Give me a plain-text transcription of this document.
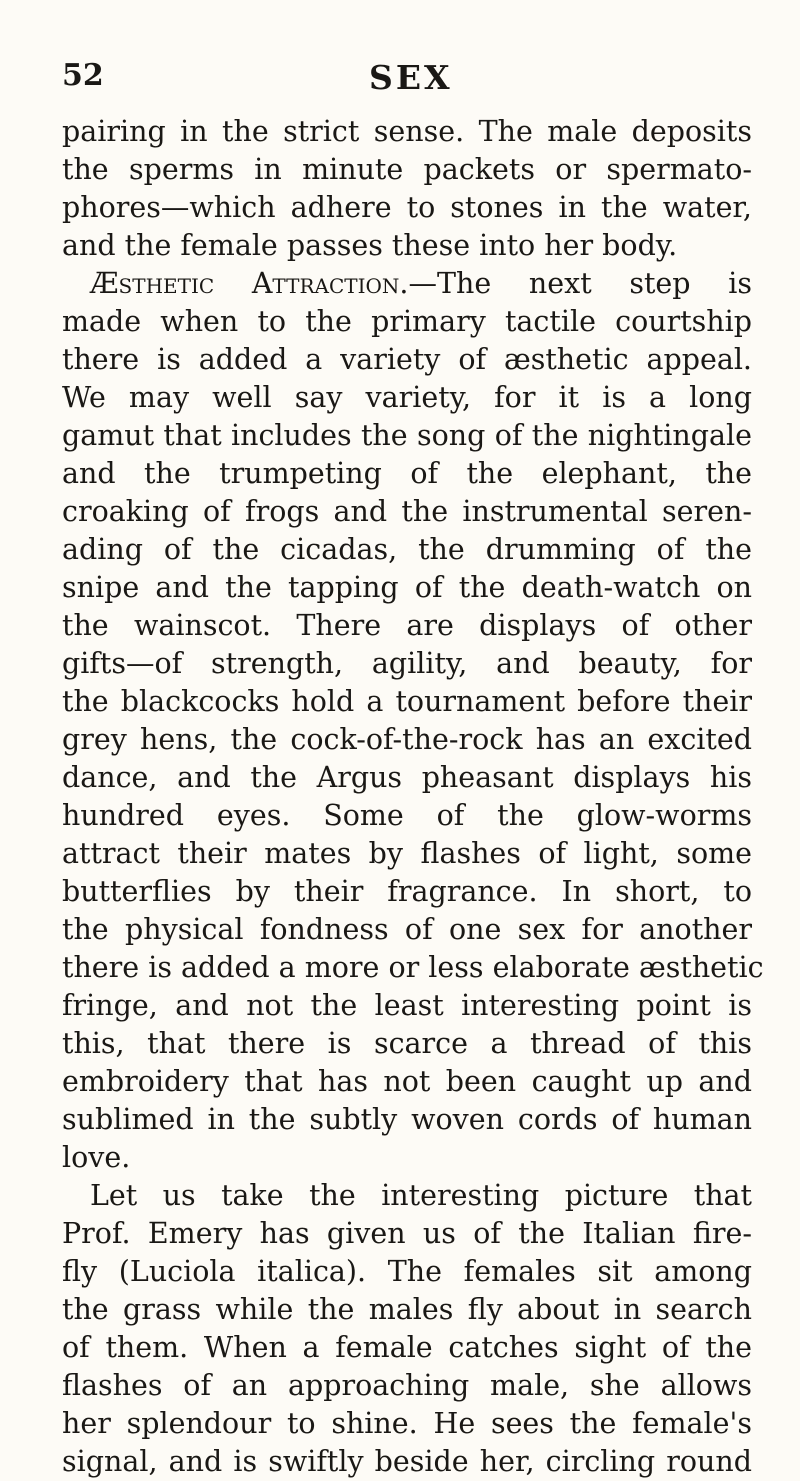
52	SEX
pairing in the strict sense. The male deposits
the sperms in minute packets or spermato-
phores—which adhere to stones in the water,
and the female passes these into her body.
Æsthetic Attraction.—The next step is
made when to the primary tactile courtship
there is added a variety of æsthetic appeal.
We may well say variety, for it is a long
gamut that includes the song of the nightingale
and the trumpeting of the elephant, the
croaking of frogs and the instrumental seren-
ading of the cicadas, the drumming of the
snipe and the tapping of the death-watch on
the wainscot. There are displays of other
gifts—of strength, agility, and beauty, for
the blackcocks hold a tournament before their
grey hens, the cock-of-the-rock has an excited
dance, and the Argus pheasant displays his
hundred eyes. Some of the glow-worms
attract their mates by flashes of light, some
butterflies by their fragrance. In short, to
the physical fondness of one sex for another
there is added a more or less elaborate æsthetic
fringe, and not the least interesting point is
this, that there is scarce a thread of this
embroidery that has not been caught up and
sublimed in the subtly woven cords of human
love.
Let us take the interesting picture that
Prof. Emery has given us of the Italian fire-
fly (Luciola italica). The females sit among
the grass while the males fly about in search
of them. When a female catches sight of the
flashes of an approaching male, she allows
her splendour to shine. He sees the female's
signal, and is swiftly beside her, circling round
